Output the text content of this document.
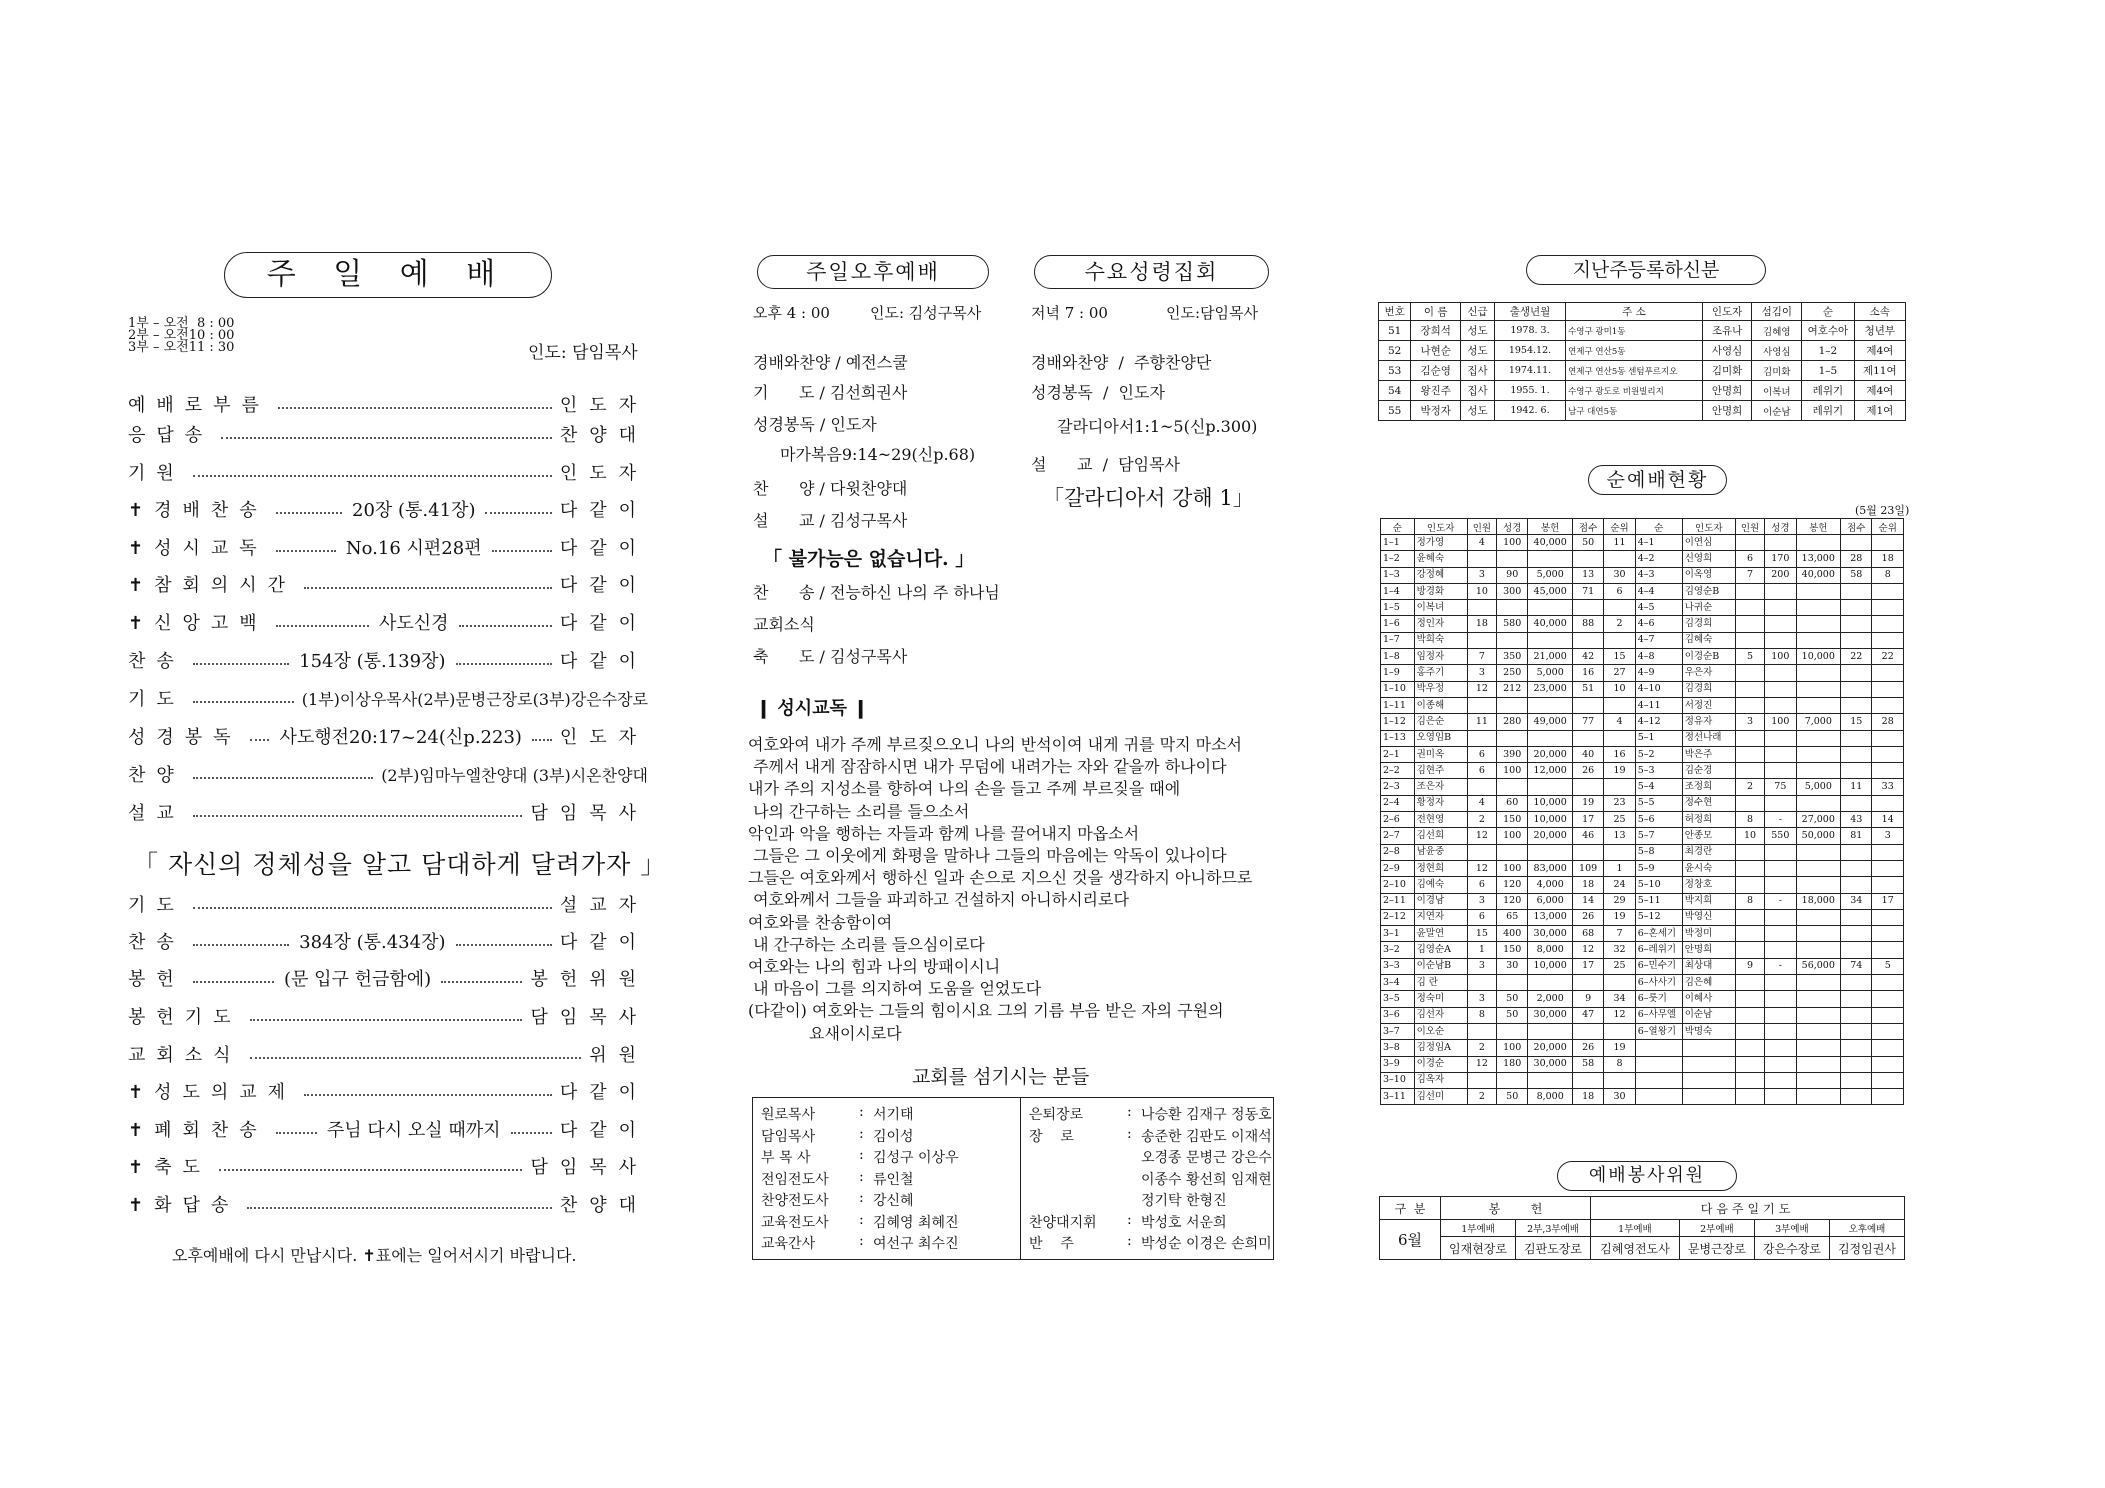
주 일 예 배
1부 – 오전  8 : 00
2부 – 오전10 : 00
3부 – 오전11 : 30	인도: 담임목사
예배로부름	인도자
응답송	찬양대
기원	인도자
✝경배찬송	20장 (통.41장)	다같이
✝성시교독	No.16 시편28편	다같이
✝참회의시간	다같이
✝신앙고백	사도신경	다같이
찬송	154장 (통.139장)	다같이
기도	(1부)이상우목사(2부)문병근장로(3부)강은수장로
성경봉독 사도행전20:17~24(신p.223) 인도자
찬양	(2부)임마누엘찬양대 (3부)시온찬양대
설교	담임목사
「 자신의 정체성을 알고 담대하게 달려가자 」
기도	설교자
찬송	384장 (통.434장)	다같이
봉헌	(문 입구 헌금함에)	봉헌위원
봉헌기도	담임목사
교회소식	위원
✝성도의교제	다같이
✝폐회찬송	주님 다시 오실 때까지	다같이
✝축도	담임목사
✝화답송	찬양대
오후예배에 다시 만납시다. ✝표에는 일어서시기 바랍니다.
주일오후예배	수요성령집회
오후 4 : 00	인도: 김성구목사	저녁 7 : 00	인도:담임목사
경배와찬양 / 예전스쿨
기      도 / 김선희권사
성경봉독 / 인도자
마가복음9:14~29(신p.68)
찬      양 / 다윗찬양대
설      교 / 김성구목사
「 불가능은 없습니다. 」
찬      송 / 전능하신 나의 주 하나님
교회소식
축      도 / 김성구목사
경배와찬양  /  주향찬양단
성경봉독  /  인도자
갈라디아서1:1~5(신p.300)
설      교  /  담임목사
「갈라디아서 강해 1」
❙ 성시교독 ❙
여호와여 내가 주께 부르짖으오니 나의 반석이여 내게 귀를 막지 마소서
주께서 내게 잠잠하시면 내가 무덤에 내려가는 자와 같을까 하나이다
내가 주의 지성소를 향하여 나의 손을 들고 주께 부르짖을 때에
나의 간구하는 소리를 들으소서
악인과 악을 행하는 자들과 함께 나를 끌어내지 마옵소서
그들은 그 이웃에게 화평을 말하나 그들의 마음에는 악독이 있나이다
그들은 여호와께서 행하신 일과 손으로 지으신 것을 생각하지 아니하므로
여호와께서 그들을 파괴하고 건설하지 아니하시리로다
여호와를 찬송함이여
내 간구하는 소리를 들으심이로다
여호와는 나의 힘과 나의 방패이시니
내 마음이 그를 의지하여 도움을 얻었도다
(다같이) 여호와는 그들의 힘이시요 그의 기름 부음 받은 자의 구원의
요새이시로다
교회를 섬기시는 분들
원로목사	: 서기태
담임목사	: 김이성
부 목 사	: 김성구 이상우
전임전도사 : 류인철
찬양전도사 : 강신혜
교육전도사 : 김혜영 최혜진
교육간사	: 여선구 최수진
은퇴장로	: 나승환 김재구 정동호
장    로	: 송준한 김판도 이재석
오경종 문병근 강은수
이종수 황선희 임재현
정기탁 한형진
찬양대지휘 : 박성호 서운희
반    주	: 박성순 이경은 손희미
지난주등록하신분
번호	이 름	신급	출생년월	주 소	인도자	섬김이	순	소속
51	장희석	성도	1978. 3.	수영구 광미1동	조유나	김혜영	여호수아	청년부
52	나현순	성도	1954.12.	연제구 연산5동	사영심	사영심	1–2	제4여
53	김순영	집사	1974.11.	연제구 연산5동 센텀푸르지오	김미화	김미화	1–5	제11여
54	왕진주	집사	1955. 1.	수영구 광도로 비원빌리지	안명희	이복녀	레위기	제4여
55	박정자	성도	1942. 6.	남구 대연5동	안명희	이순남	레위기	제1여
순예배현황
(5월 23일)
순	인도자	인원	성경	봉헌	점수	순위	순	인도자	인원	성경	봉헌	점수	순위
1–1	정가영	4	100	40,000	50	11	4–1	이연심					
1–2	윤혜숙						4–2	신영희	6	170	13,000	28	18
1–3	강정혜	3	90	5,000	13	30	4–3	이옥영	7	200	40,000	58	8
1–4	방경화	10	300	45,000	71	6	4–4	김영순B					
1–5	이복녀						4–5	나귀순					
1–6	정인자	18	580	40,000	88	2	4–6	김경희					
1–7	박희숙						4–7	김혜숙					
1–8	임정자	7	350	21,000	42	15	4–8	이경순B	5	100	10,000	22	22
1–9	홍주기	3	250	5,000	16	27	4–9	우은자					
1–10	박우정	12	212	23,000	51	10	4–10	김경희					
1–11	이종해						4–11	서정진					
1–12	김은순	11	280	49,000	77	4	4–12	정유자	3	100	7,000	15	28
1–13	오영임B						5–1	정선나래					
2–1	권미옥	6	390	20,000	40	16	5–2	박은주					
2–2	김현주	6	100	12,000	26	19	5–3	김순경					
2–3	조은자						5–4	조정희	2	75	5,000	11	33
2–4	황정자	4	60	10,000	19	23	5–5	정수현					
2–6	전현영	2	150	10,000	17	25	5–6	허정희	8	-	27,000	43	14
2–7	김선희	12	100	20,000	46	13	5–7	안종모	10	550	50,000	81	3
2–8	남윤중						5–8	최경란					
2–9	정현희	12	100	83,000	109	1	5–9	윤시숙					
2–10	김예숙	6	120	4,000	18	24	5–10	정창호					
2–11	이경남	3	120	6,000	14	29	5–11	박지희	8	-	18,000	34	17
2–12	지연자	6	65	13,000	26	19	5–12	박영신					
3–1	윤말연	15	400	30,000	68	7	6–혼세기	박정미					
3–2	김영순A	1	150	8,000	12	32	6–레위기	안명희					
3–3	이순남B	3	30	10,000	17	25	6–민수기	최상대	9	-	56,000	74	5
3–4	김 란						6–사사기	김은혜					
3–5	정숙미	3	50	2,000	9	34	6–룻기	이혜사					
3–6	김선자	8	50	30,000	47	12	6–사무엘	이순남					
3–7	이오순						6–열왕기	박명숙					
3–8	김정임A	2	100	20,000	26	19							
3–9	이경순	12	180	30,000	58	8							
3–10	김옥자												
3–11	김선미	2	50	8,000	18	30							
예배봉사위원
구  분	봉        헌		다음주일기도			
6월	1부예배	2부,3부예배	1부예배	2부예배	3부예배	오후예배
	임재현장로	김판도장로	김혜영전도사	문병근장로	강은수장로	김정임권사
